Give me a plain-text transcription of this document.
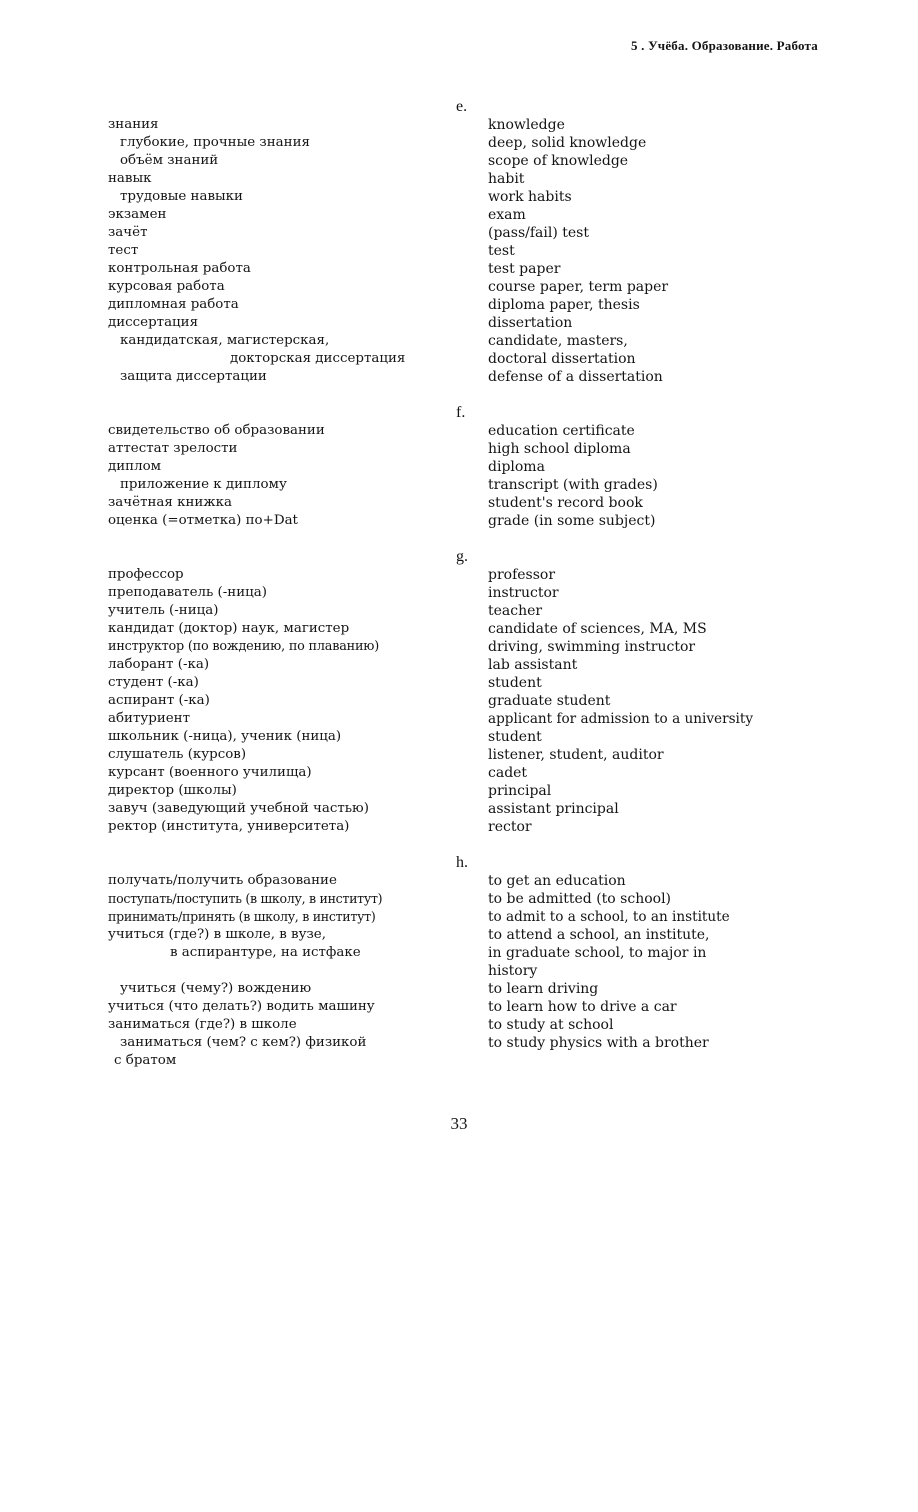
5 . Учёба. Образование. Работа
e.
знания	knowledge
глубокие, прочные знания	deep, solid knowledge
объём знаний	scope of knowledge
навык	habit
трудовые навыки	work habits
экзамен	exam
зачёт	(pass/fail) test
тест	test
контрольная работа	test paper
курсовая работа	course paper, term paper
дипломная работа	diploma paper, thesis
диссертация	dissertation
кандидатская, магистерская,	candidate, masters,
докторская диссертация	doctoral dissertation
защита диссертации	defense of a dissertation
f.
свидетельство об образовании	education certificate
аттестат зрелости	high school diploma
диплом	diploma
приложение к диплому	transcript (with grades)
зачётная книжка	student's record book
оценка (=отметка) по+Dat	grade (in some subject)
g.
профессор	professor
преподаватель (-ница)	instructor
учитель (-ница)	teacher
кандидат (доктор) наук, магистер	candidate of sciences, MA, MS
инструктор (по вождению, по плаванию)	driving, swimming instructor
лаборант (-ка)	lab assistant
студент (-ка)	student
аспирант (-ка)	graduate student
абитуриент	applicant for admission to a university
школьник (-ница), ученик (ница)	student
слушатель (курсов)	listener, student, auditor
курсант (военного училища)	cadet
директор (школы)	principal
завуч (заведующий учебной частью)	assistant principal
ректор (института, университета)	rector
h.
получать/получить образование	to get an education
поступать/поступить (в школу, в институт)	to be admitted (to school)
принимать/принять (в школу, в институт)	to admit to a school, to an institute
учиться (где?) в школе, в вузе,	to attend a school, an institute,
в аспирантуре, на истфаке	in graduate school, to major in
history
учиться (чему?) вождению	to learn driving
учиться (что делать?) водить машину	to learn how to drive a car
заниматься (где?) в школе	to study at school
заниматься (чем? с кем?) физикой	to study physics with a brother
с братом
33
